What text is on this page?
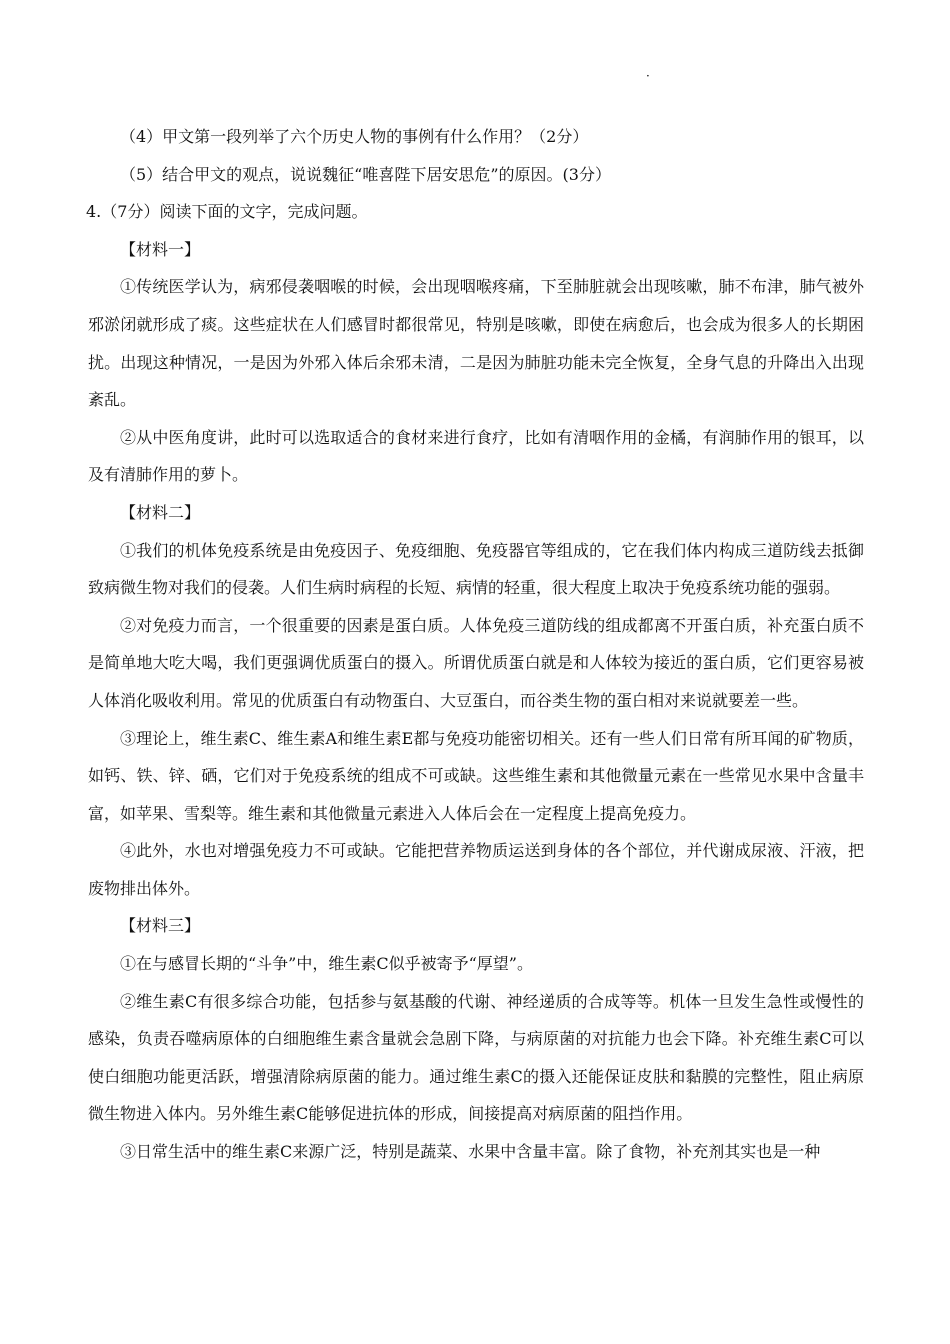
·

（4）甲文第一段列举了六个历史人物的事例有什么作用？（2分）

（5）结合甲文的观点，说说魏征“唯喜陛下居安思危”的原因。(3分）

4.（7分）阅读下面的文字，完成问题。

【材料一】

①传统医学认为，病邪侵袭咽喉的时候，会出现咽喉疼痛，下至肺脏就会出现咳嗽，肺不布津，肺气被外邪淤闭就形成了痰。这些症状在人们感冒时都很常见，特别是咳嗽，即使在病愈后，也会成为很多人的长期困扰。出现这种情况，一是因为外邪入体后余邪未清，二是因为肺脏功能未完全恢复，全身气息的升降出入出现紊乱。

②从中医角度讲，此时可以选取适合的食材来进行食疗，比如有清咽作用的金橘，有润肺作用的银耳，以及有清肺作用的萝卜。

【材料二】

①我们的机体免疫系统是由免疫因子、免疫细胞、免疫器官等组成的，它在我们体内构成三道防线去抵御致病微生物对我们的侵袭。人们生病时病程的长短、病情的轻重，很大程度上取决于免疫系统功能的强弱。

②对免疫力而言，一个很重要的因素是蛋白质。人体免疫三道防线的组成都离不开蛋白质，补充蛋白质不是简单地大吃大喝，我们更强调优质蛋白的摄入。所谓优质蛋白就是和人体较为接近的蛋白质，它们更容易被人体消化吸收利用。常见的优质蛋白有动物蛋白、大豆蛋白，而谷类生物的蛋白相对来说就要差一些。

③理论上，维生素C、维生素A和维生素E都与免疫功能密切相关。还有一些人们日常有所耳闻的矿物质，如钙、铁、锌、硒，它们对于免疫系统的组成不可或缺。这些维生素和其他微量元素在一些常见水果中含量丰富，如苹果、雪梨等。维生素和其他微量元素进入人体后会在一定程度上提高免疫力。

④此外，水也对增强免疫力不可或缺。它能把营养物质运送到身体的各个部位，并代谢成尿液、汗液，把废物排出体外。

【材料三】

①在与感冒长期的“斗争”中，维生素C似乎被寄予“厚望”。

②维生素C有很多综合功能，包括参与氨基酸的代谢、神经递质的合成等等。机体一旦发生急性或慢性的感染，负责吞噬病原体的白细胞维生素含量就会急剧下降，与病原菌的对抗能力也会下降。补充维生素C可以使白细胞功能更活跃，增强清除病原菌的能力。通过维生素C的摄入还能保证皮肤和黏膜的完整性，阻止病原微生物进入体内。另外维生素C能够促进抗体的形成，间接提高对病原菌的阻挡作用。

③日常生活中的维生素C来源广泛，特别是蔬菜、水果中含量丰富。除了食物，补充剂其实也是一种
